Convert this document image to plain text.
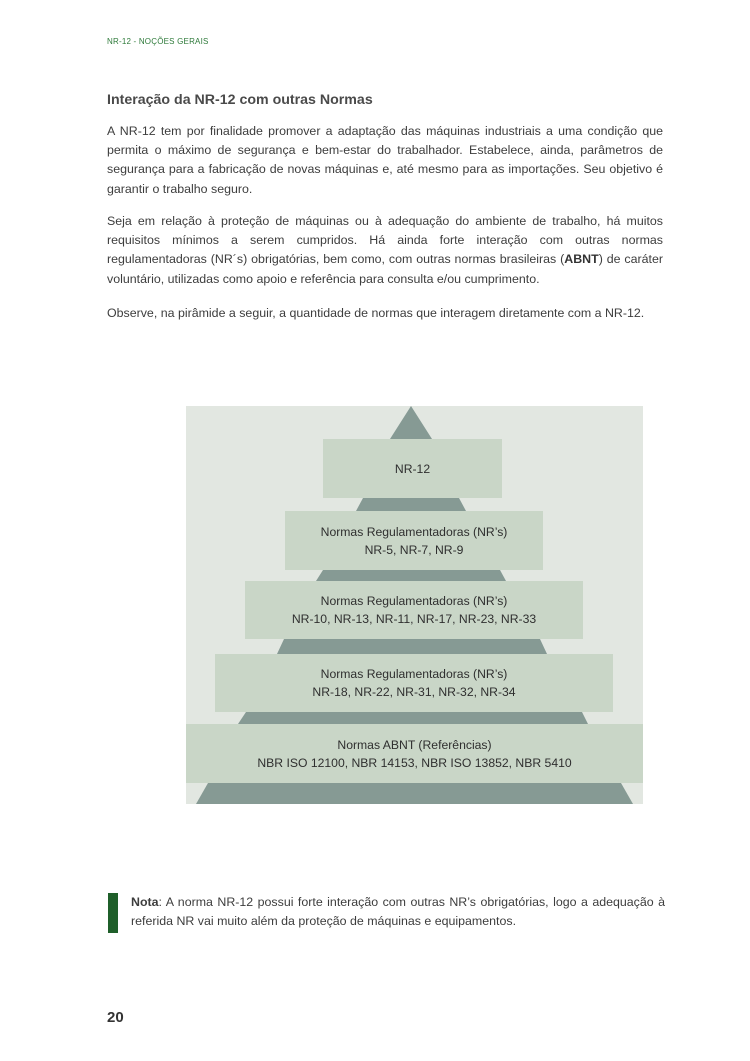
NR-12 - NOÇÕES GERAIS
Interação da NR-12 com outras Normas

A NR-12 tem por finalidade promover a adaptação das máquinas industriais a uma condição que permita o máximo de segurança e bem-estar do trabalhador. Estabelece, ainda, parâmetros de segurança para a fabricação de novas máquinas e, até mesmo para as importações. Seu objetivo é garantir o trabalho seguro.

Seja em relação à proteção de máquinas ou à adequação do ambiente de trabalho, há muitos requisitos mínimos a serem cumpridos. Há ainda forte interação com outras normas regulamentadoras (NR´s) obrigatórias, bem como, com outras normas brasileiras (ABNT) de caráter voluntário, utilizadas como apoio e referência para consulta e/ou cumprimento.

Observe, na pirâmide a seguir, a quantidade de normas que interagem diretamente com a NR-12.

NR-12
Normas Regulamentadoras (NR’s)
NR-5, NR-7, NR-9
Normas Regulamentadoras (NR’s)
NR-10, NR-13, NR-11, NR-17, NR-23, NR-33
Normas Regulamentadoras (NR’s)
NR-18, NR-22, NR-31, NR-32, NR-34
Normas ABNT (Referências)
NBR ISO 12100, NBR 14153, NBR ISO 13852, NBR 5410

Nota: A norma NR-12 possui forte interação com outras NR’s obrigatórias, logo a adequação à referida NR vai muito além da proteção de máquinas e equipamentos.

20
